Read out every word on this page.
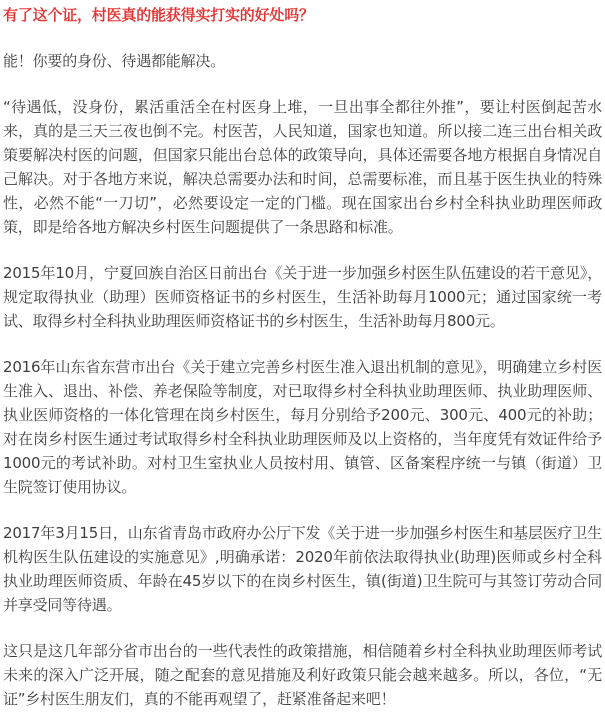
有了这个证，村医真的能获得实打实的好处吗？

能！你要的身份、待遇都能解决。

“待遇低，没身份，累活重活全在村医身上堆，一旦出事全都往外推”，要让村医倒起苦水来，真的是三天三夜也倒不完。村医苦，人民知道，国家也知道。所以接二连三出台相关政策要解决村医的问题，但国家只能出台总体的政策导向，具体还需要各地方根据自身情况自己解决。对于各地方来说，解决总需要办法和时间，总需要标准，而且基于医生执业的特殊性，必然不能“一刀切”，必然要设定一定的门槛。现在国家出台乡村全科执业助理医师政策，即是给各地方解决乡村医生问题提供了一条思路和标准。

2015年10月，宁夏回族自治区日前出台《关于进一步加强乡村医生队伍建设的若干意见》，规定取得执业（助理）医师资格证书的乡村医生，生活补助每月1000元；通过国家统一考试、取得乡村全科执业助理医师资格证书的乡村医生，生活补助每月800元。

2016年山东省东营市出台《关于建立完善乡村医生准入退出机制的意见》，明确建立乡村医生准入、退出、补偿、养老保险等制度，对已取得乡村全科执业助理医师、执业助理医师、执业医师资格的一体化管理在岗乡村医生，每月分别给予200元、300元、400元的补助；对在岗乡村医生通过考试取得乡村全科执业助理医师及以上资格的，当年度凭有效证件给予1000元的考试补助。对村卫生室执业人员按村用、镇管、区备案程序统一与镇（街道）卫生院签订使用协议。

2017年3月15日，山东省青岛市政府办公厅下发《关于进一步加强乡村医生和基层医疗卫生机构医生队伍建设的实施意见》,明确承诺：2020年前依法取得执业(助理)医师或乡村全科执业助理医师资质、年龄在45岁以下的在岗乡村医生，镇(街道)卫生院可与其签订劳动合同并享受同等待遇。

这只是这几年部分省市出台的一些代表性的政策措施，相信随着乡村全科执业助理医师考试未来的深入广泛开展，随之配套的意见措施及利好政策只能会越来越多。所以，各位，“无证”乡村医生朋友们，真的不能再观望了，赶紧准备起来吧！
